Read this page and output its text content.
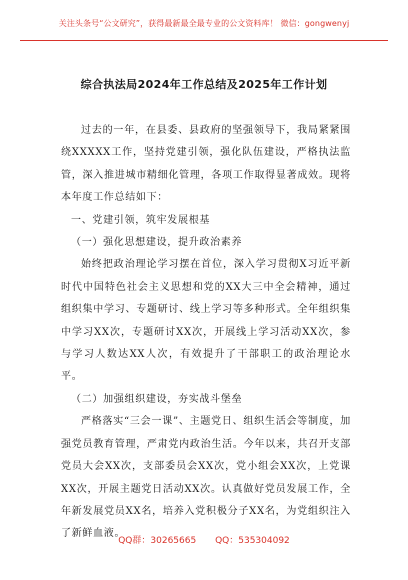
关注头条号“公文研究”，获得最新最全最专业的公文资料库！ 微信：gongwenyj
综合执法局2024年工作总结及2025年工作计划

过去的一年，在县委、县政府的坚强领导下，我局紧紧围绕XXXXX工作，坚持党建引领，强化队伍建设，严格执法监管，深入推进城市精细化管理，各项工作取得显著成效。现将本年度工作总结如下：

一、党建引领，筑牢发展根基

（一）强化思想建设，提升政治素养

始终把政治理论学习摆在首位，深入学习贯彻X习近平新时代中国特色社会主义思想和党的XX大三中全会精神，通过组织集中学习、专题研讨、线上学习等多种形式。全年组织集中学习XX次，专题研讨XX次，开展线上学习活动XX次，参与学习人数达XX人次，有效提升了干部职工的政治理论水平。

（二）加强组织建设，夯实战斗堡垒

严格落实“三会一课”、主题党日、组织生活会等制度，加强党员教育管理，严肃党内政治生活。今年以来，共召开支部党员大会XX次，支部委员会XX次，党小组会XX次，上党课XX次，开展主题党日活动XX次。认真做好党员发展工作，全年新发展党员XX名，培养入党积极分子XX名，为党组织注入了新鲜血液。

QQ群：30265665 QQ：535304092
